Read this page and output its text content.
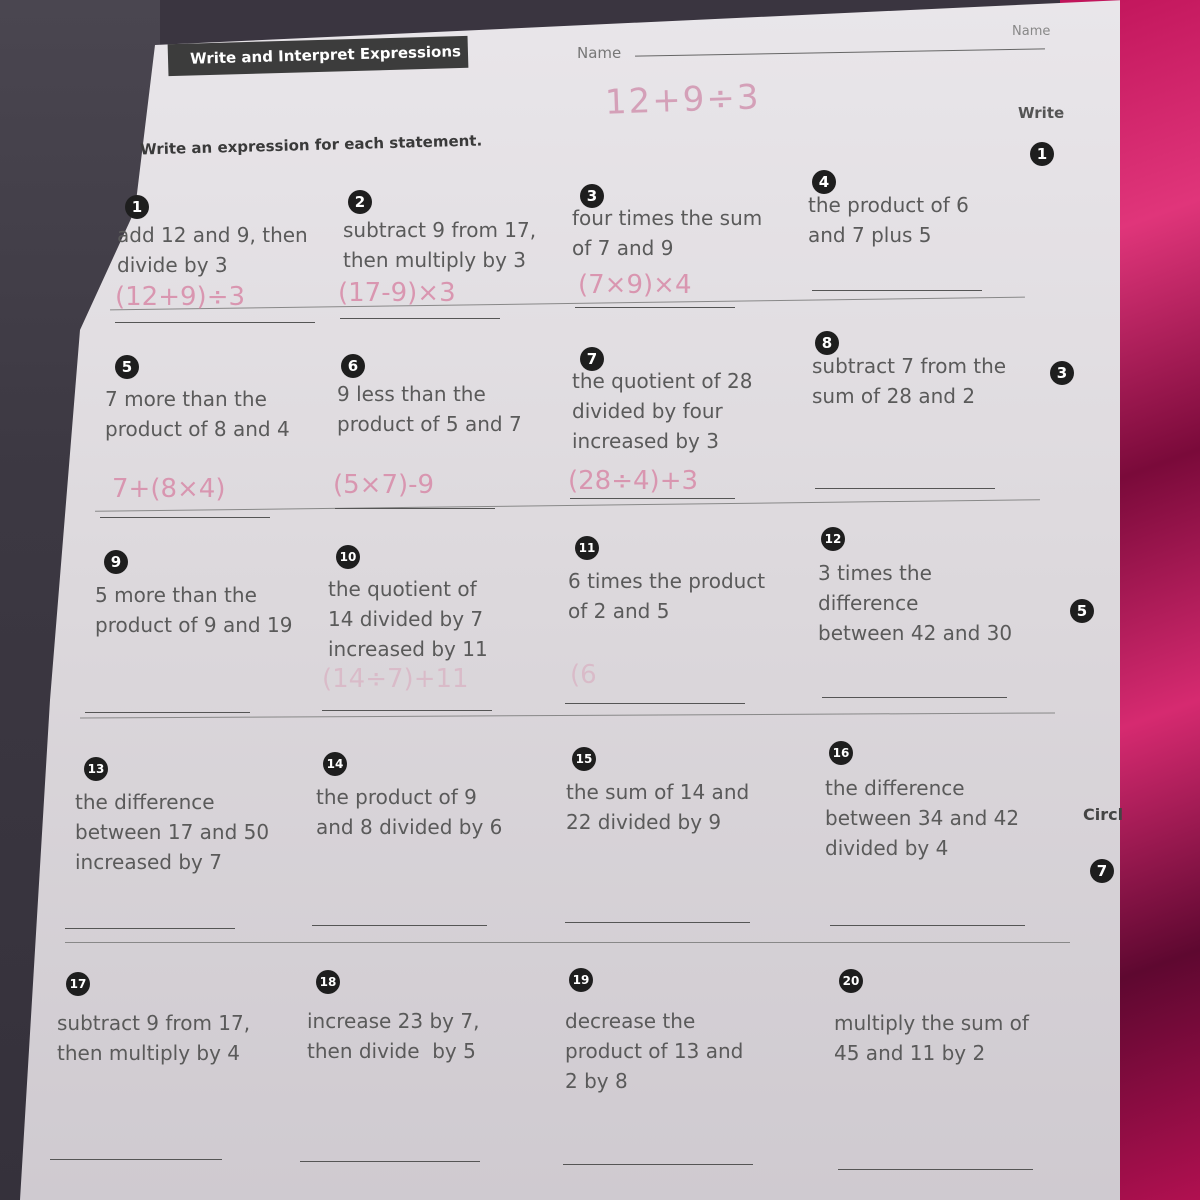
Write and Interpret Expressions	Name
Name
12+9÷3	Write
Write an expression for each statement.
Circl
1
3
5
7
1
add 12 and 9, then
divide by 3
(12+9)÷3
2
subtract 9 from 17,
then multiply by 3
(17-9)×3
3
four times the sum
of 7 and 9
(7×9)×4
4
the product of 6
and 7 plus 5
5
7 more than the
product of 8 and 4
7+(8×4)
6
9 less than the
product of 5 and 7
(5×7)-9
7
the quotient of 28
divided by four
increased by 3
(28÷4)+3
8
subtract 7 from the
sum of 28 and 2
9
5 more than the
product of 9 and 19
10
the quotient of
14 divided by 7
increased by 11
(14÷7)+11
11
6 times the product
of 2 and 5
(6
12
3 times the
difference
between 42 and 30
13
the difference
between 17 and 50
increased by 7
14
the product of 9
and 8 divided by 6
15
the sum of 14 and
22 divided by 9
16
the difference
between 34 and 42
divided by 4
17
subtract 9 from 17,
then multiply by 4
18
increase 23 by 7,
then divide  by 5
19
decrease the
product of 13 and
2 by 8
20
multiply the sum of
45 and 11 by 2
